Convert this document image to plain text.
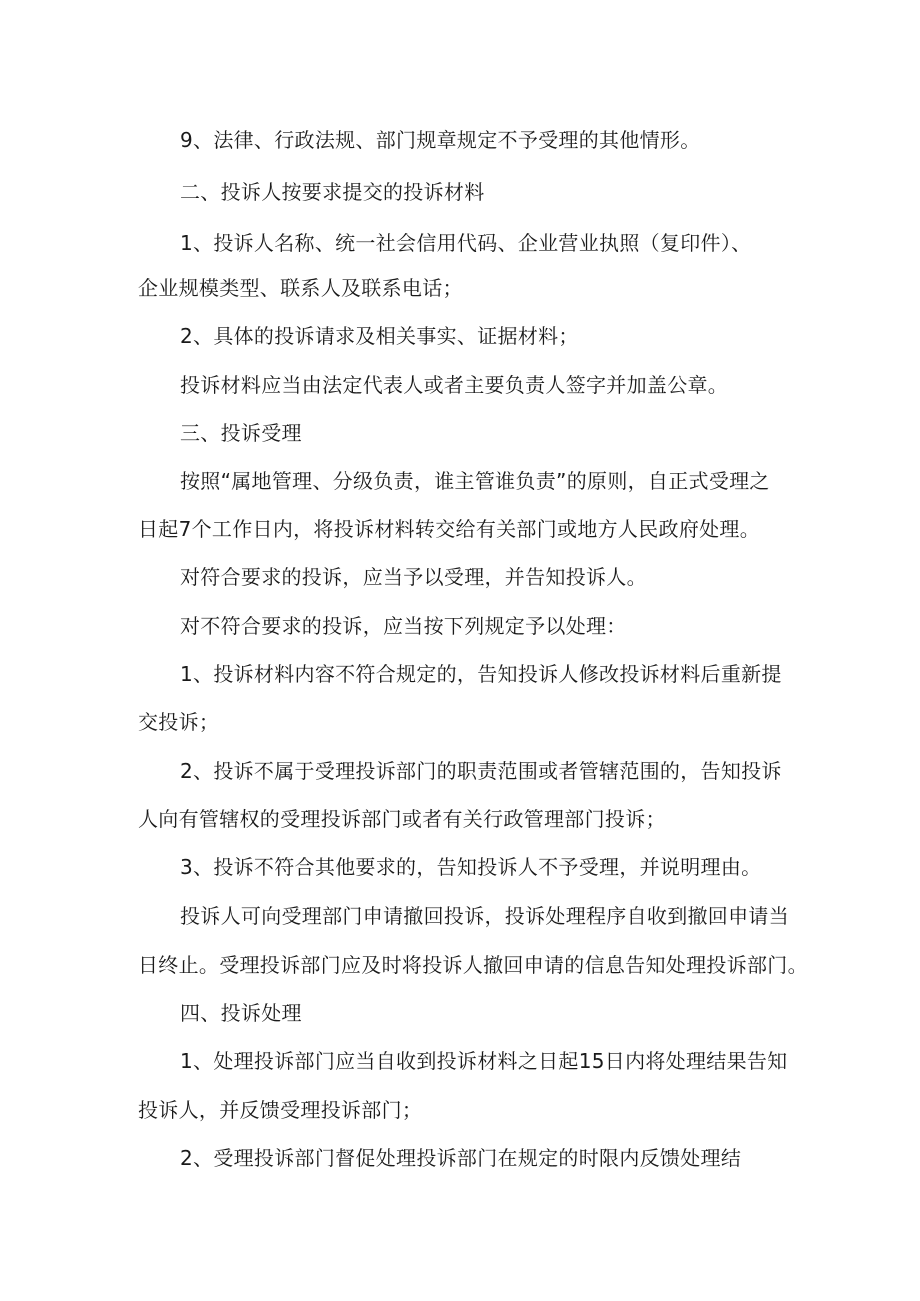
9、法律、行政法规、部门规章规定不予受理的其他情形。
二、投诉人按要求提交的投诉材料
1、投诉人名称、统一社会信用代码、企业营业执照（复印件）、
企业规模类型、联系人及联系电话；
2、具体的投诉请求及相关事实、证据材料；
投诉材料应当由法定代表人或者主要负责人签字并加盖公章。
三、投诉受理
按照“属地管理、分级负责，谁主管谁负责”的原则，自正式受理之
日起7个工作日内，将投诉材料转交给有关部门或地方人民政府处理。
对符合要求的投诉，应当予以受理，并告知投诉人。
对不符合要求的投诉，应当按下列规定予以处理：
1、投诉材料内容不符合规定的，告知投诉人修改投诉材料后重新提
交投诉；
2、投诉不属于受理投诉部门的职责范围或者管辖范围的，告知投诉
人向有管辖权的受理投诉部门或者有关行政管理部门投诉；
3、投诉不符合其他要求的，告知投诉人不予受理，并说明理由。
投诉人可向受理部门申请撤回投诉，投诉处理程序自收到撤回申请当
日终止。受理投诉部门应及时将投诉人撤回申请的信息告知处理投诉部门。
四、投诉处理
1、处理投诉部门应当自收到投诉材料之日起15日内将处理结果告知
投诉人，并反馈受理投诉部门；
2、受理投诉部门督促处理投诉部门在规定的时限内反馈处理结
